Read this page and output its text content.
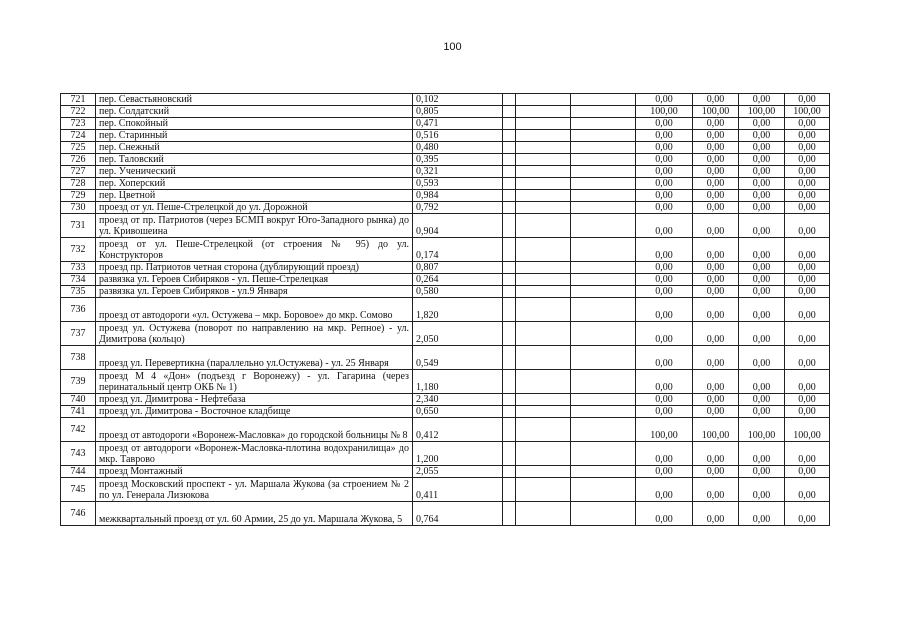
100
721	пер. Севастьяновский	0,102				0,00	0,00	0,00	0,00
722	пер. Солдатский	0,805				100,00	100,00	100,00	100,00
723	пер. Спокойный	0,471				0,00	0,00	0,00	0,00
724	пер. Старинный	0,516				0,00	0,00	0,00	0,00
725	пер. Снежный	0,480				0,00	0,00	0,00	0,00
726	пер. Таловский	0,395				0,00	0,00	0,00	0,00
727	пер. Ученический	0,321				0,00	0,00	0,00	0,00
728	пер. Хоперский	0,593				0,00	0,00	0,00	0,00
729	пер. Цветной	0,984				0,00	0,00	0,00	0,00
730	проезд от ул. Пеше-Стрелецкой до ул. Дорожной	0,792				0,00	0,00	0,00	0,00
731	проезд от пр. Патриотов (через БСМП вокруг Юго-Западного рынка) до ул. Кривошеина	0,904				0,00	0,00	0,00	0,00
732	проезд от ул. Пеше-Стрелецкой (от строения № 95) до ул. Конструкторов	0,174				0,00	0,00	0,00	0,00
733	проезд пр. Патриотов четная сторона (дублирующий проезд)	0,807				0,00	0,00	0,00	0,00
734	развязка ул. Героев Сибиряков - ул. Пеше-Стрелецкая	0,264				0,00	0,00	0,00	0,00
735	развязка ул. Героев Сибиряков - ул.9 Января	0,580				0,00	0,00	0,00	0,00
736	проезд от автодороги «ул. Остужева – мкр. Боровое» до мкр. Сомово	1,820				0,00	0,00	0,00	0,00
737	проезд ул. Остужева (поворот по направлению на мкр. Репное) - ул. Димитрова (кольцо)	2,050				0,00	0,00	0,00	0,00
738	проезд ул. Перевертикна (параллельно ул.Остужева) - ул. 25 Января	0,549				0,00	0,00	0,00	0,00
739	проезд М 4 «Дон» (подъезд г Воронежу) - ул. Гагарина (через перинатальный центр ОКБ № 1)	1,180				0,00	0,00	0,00	0,00
740	проезд ул. Димитрова - Нефтебаза	2,340				0,00	0,00	0,00	0,00
741	проезд ул. Димитрова - Восточное кладбище	0,650				0,00	0,00	0,00	0,00
742	проезд от автодороги «Воронеж-Масловка» до городской больницы № 8	0,412				100,00	100,00	100,00	100,00
743	проезд от автодороги «Воронеж-Масловка-плотина водохранилища» до мкр. Таврово	1,200				0,00	0,00	0,00	0,00
744	проезд Монтажный	2,055				0,00	0,00	0,00	0,00
745	проезд Московский проспект - ул. Маршала Жукова (за строением № 2 по ул. Генерала Лизюкова	0,411				0,00	0,00	0,00	0,00
746	межквартальный проезд от ул. 60 Армии, 25 до ул. Маршала Жукова, 5	0,764				0,00	0,00	0,00	0,00
